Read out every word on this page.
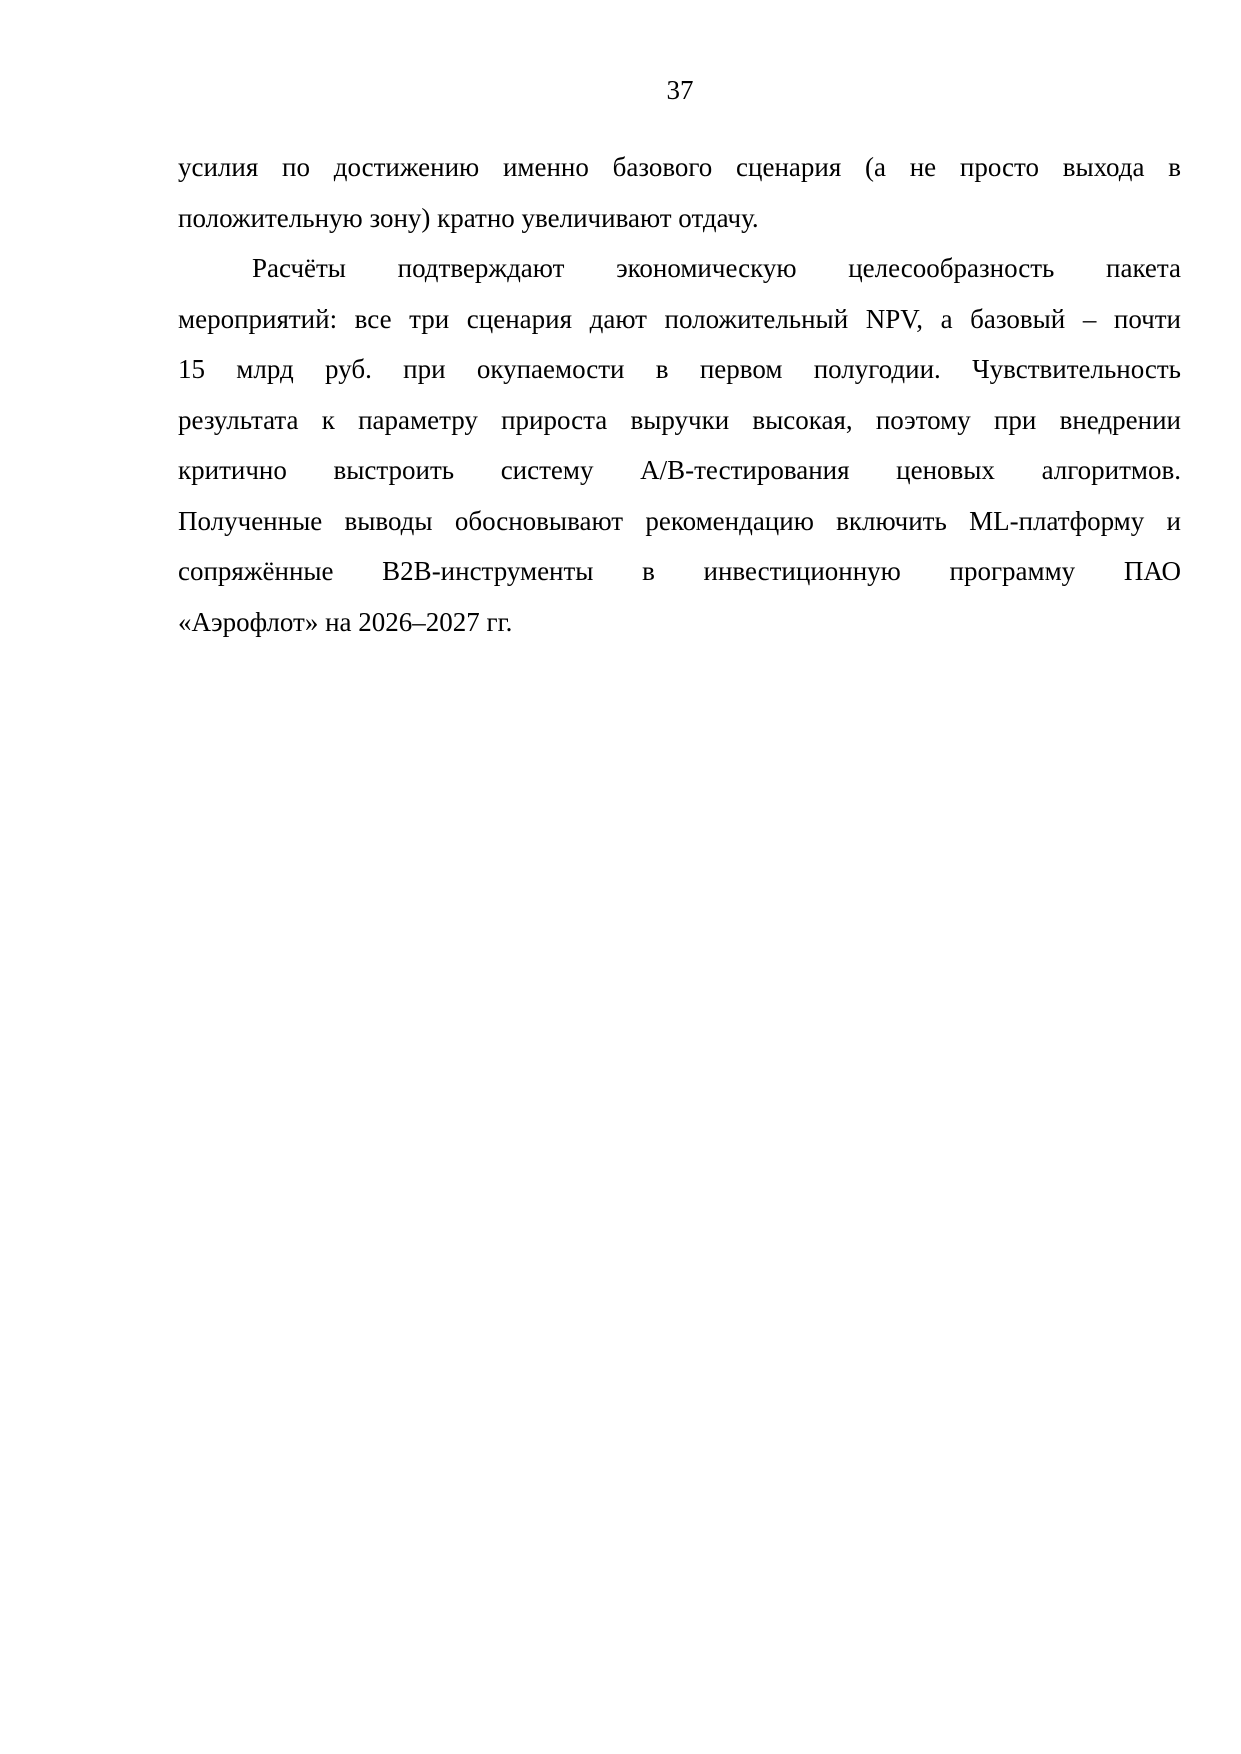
37
усилия по достижению именно базового сценария (а не просто выхода в
положительную зону) кратно увеличивают отдачу.
Расчёты подтверждают экономическую целесообразность пакета
мероприятий: все три сценария дают положительный NPV, а базовый – почти
15 млрд руб. при окупаемости в первом полугодии. Чувствительность
результата к параметру прироста выручки высокая, поэтому при внедрении
критично выстроить систему A/B-тестирования ценовых алгоритмов.
Полученные выводы обосновывают рекомендацию включить ML-платформу и
сопряжённые B2B-инструменты в инвестиционную программу ПАО
«Аэрофлот» на 2026–2027 гг.
